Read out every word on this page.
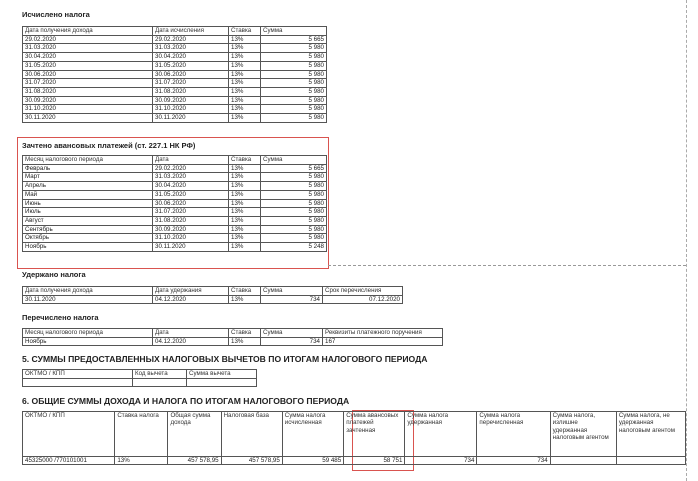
Исчислено налога
Дата получения дохода	Дата исчисления	Ставка	Сумма
29.02.2020	29.02.2020	13%	5 665
31.03.2020	31.03.2020	13%	5 980
30.04.2020	30.04.2020	13%	5 980
31.05.2020	31.05.2020	13%	5 980
30.06.2020	30.06.2020	13%	5 980
31.07.2020	31.07.2020	13%	5 980
31.08.2020	31.08.2020	13%	5 980
30.09.2020	30.09.2020	13%	5 980
31.10.2020	31.10.2020	13%	5 980
30.11.2020	30.11.2020	13%	5 980
Зачтено авансовых платежей (ст. 227.1 НК РФ)
Месяц налогового периода	Дата	Ставка	Сумма
Февраль	29.02.2020	13%	5 665
Март	31.03.2020	13%	5 980
Апрель	30.04.2020	13%	5 980
Май	31.05.2020	13%	5 980
Июнь	30.06.2020	13%	5 980
Июль	31.07.2020	13%	5 980
Август	31.08.2020	13%	5 980
Сентябрь	30.09.2020	13%	5 980
Октябрь	31.10.2020	13%	5 980
Ноябрь	30.11.2020	13%	5 248
Удержано налога
Дата получения дохода	Дата удержания	Ставка	Сумма	Срок перечисления
30.11.2020	04.12.2020	13%	734	07.12.2020
Перечислено налога
Месяц налогового периода	Дата	Ставка	Сумма	Реквизиты платежного поручения
Ноябрь	04.12.2020	13%	734	167
5. СУММЫ ПРЕДОСТАВЛЕННЫХ НАЛОГОВЫХ ВЫЧЕТОВ ПО ИТОГАМ НАЛОГОВОГО ПЕРИОДА
ОКТМО / КПП	Код вычета	Сумма вычета

6. ОБЩИЕ СУММЫ ДОХОДА И НАЛОГА ПО ИТОГАМ НАЛОГОВОГО ПЕРИОДА
ОКТМО / КПП	Ставка налога	Общая сумма дохода	Налоговая база	Сумма налога исчисленная	Сумма авансовых платежей зачтенная	Сумма налога удержанная	Сумма налога перечисленная	Сумма налога, излишне удержанная налоговым агентом	Сумма налога, не удержанная налоговым агентом
45325000 /770101001	13%	457 578,95	457 578,95	59 485	58 751	734	734		
